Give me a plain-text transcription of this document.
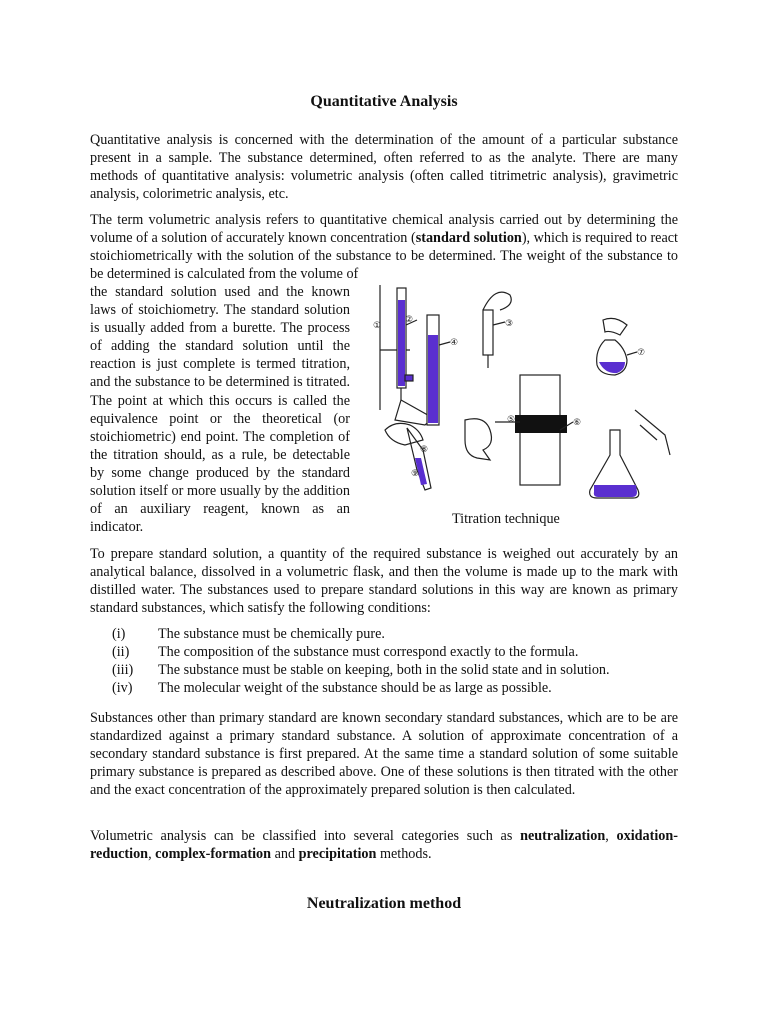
Quantitative Analysis

Quantitative analysis is concerned with the determination of the amount of a particular substance present in a sample. The substance determined, often referred to as the analyte. There are many methods of quantitative analysis: volumetric analysis (often called titrimetric analysis), gravimetric analysis, colorimetric analysis, etc.

The term volumetric analysis refers to quantitative chemical analysis carried out by determining the volume of a solution of accurately known concentration (standard solution), which is required to react stoichiometrically with the solution of the substance to be determined. The weight of the substance to be determined is calculated from the volume of

the standard solution used and the known laws of stoichiometry. The standard solution is usually added from a burette. The process of adding the standard solution until the reaction is just complete is termed titration, and the substance to be determined is titrated. The point at which this occurs is called the equivalence point or the theoretical (or stoichiometric) end point. The completion of the titration should, as a rule, be detectable by some change produced by the standard solution itself or more usually by the addition of an auxiliary reagent, known as an indicator.

①
②
④
③
⑤	⑥
⑦
⑧
⑨
Titration technique

To prepare standard solution, a quantity of the required substance is weighed out accurately by an analytical balance, dissolved in a volumetric flask, and then the volume is made up to the mark with distilled water. The substances used to prepare standard solutions in this way are known as primary standard substances, which satisfy the following conditions:

(i)	The substance must be chemically pure.
(ii)	The composition of the substance must correspond exactly to the formula.
(iii)	The substance must be stable on keeping, both in the solid state and in solution.
(iv)	The molecular weight of the substance should be as large as possible.

Substances other than primary standard are known secondary standard substances, which are to be are standardized against a primary standard substance. A solution of approximate concentration of a secondary standard substance is first prepared. At the same time a standard solution of some suitable primary substance is prepared as described above. One of these solutions is then titrated with the other and the exact concentration of the approximately prepared solution is then calculated.

Volumetric analysis can be classified into several categories such as neutralization, oxidation-reduction, complex-formation and precipitation methods.

Neutralization method
